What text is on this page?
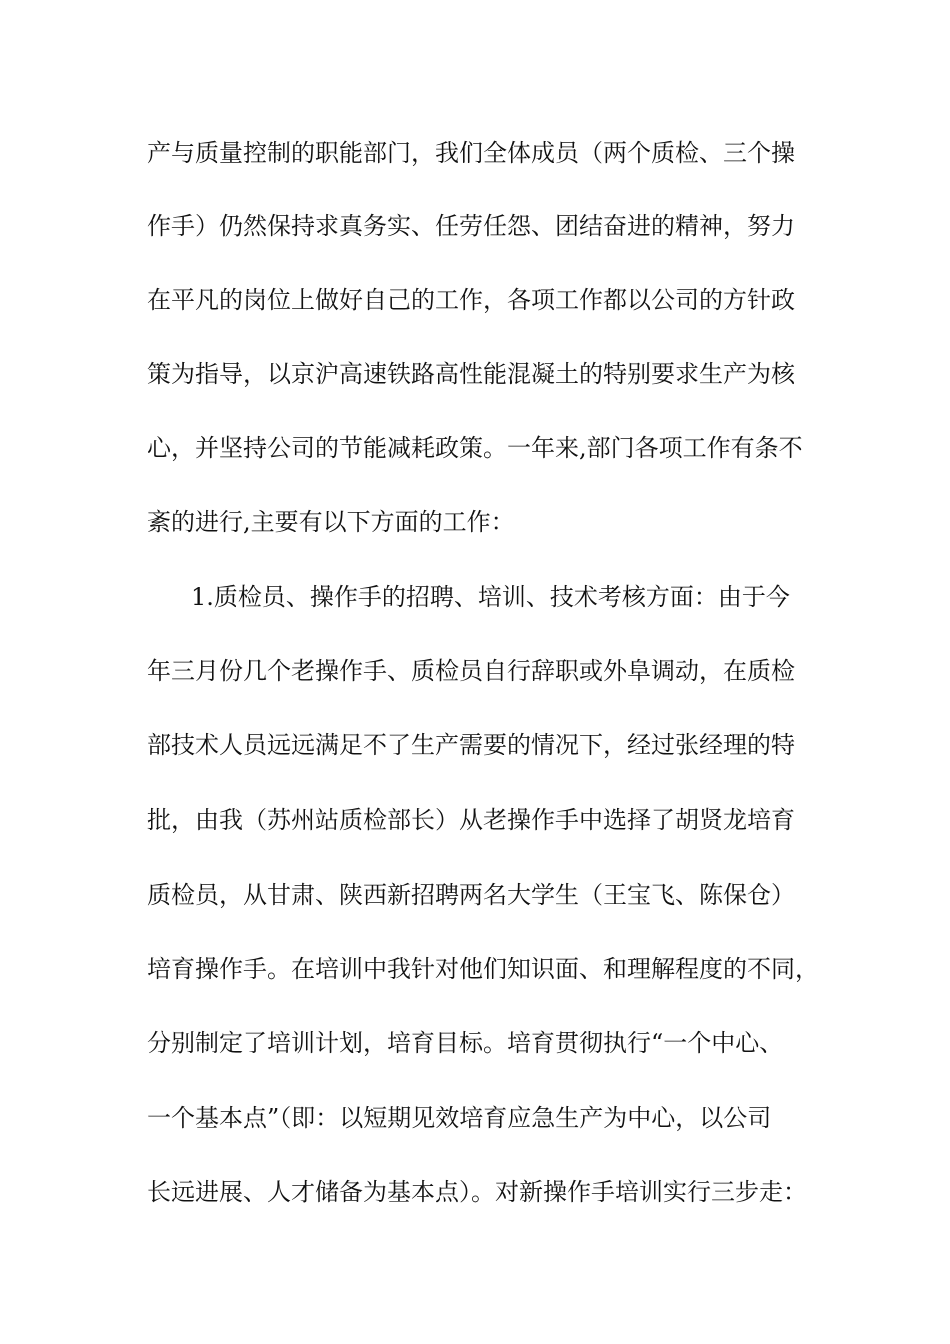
产与质量控制的职能部门，我们全体成员（两个质检、三个操
作手）仍然保持求真务实、任劳任怨、团结奋进的精神，努力
在平凡的岗位上做好自己的工作，各项工作都以公司的方针政
策为指导，以京沪高速铁路高性能混凝土的特别要求生产为核
心，并坚持公司的节能减耗政策。一年来,部门各项工作有条不
紊的进行,主要有以下方面的工作：
1.质检员、操作手的招聘、培训、技术考核方面：由于今
年三月份几个老操作手、质检员自行辞职或外阜调动，在质检
部技术人员远远满足不了生产需要的情况下，经过张经理的特
批，由我（苏州站质检部长）从老操作手中选择了胡贤龙培育
质检员，从甘肃、陕西新招聘两名大学生（王宝飞、陈保仓）
培育操作手。在培训中我针对他们知识面、和理解程度的不同，
分别制定了培训计划，培育目标。培育贯彻执行“一个中心、
一个基本点”（即：以短期见效培育应急生产为中心，以公司
长远进展、人才储备为基本点）。对新操作手培训实行三步走：
